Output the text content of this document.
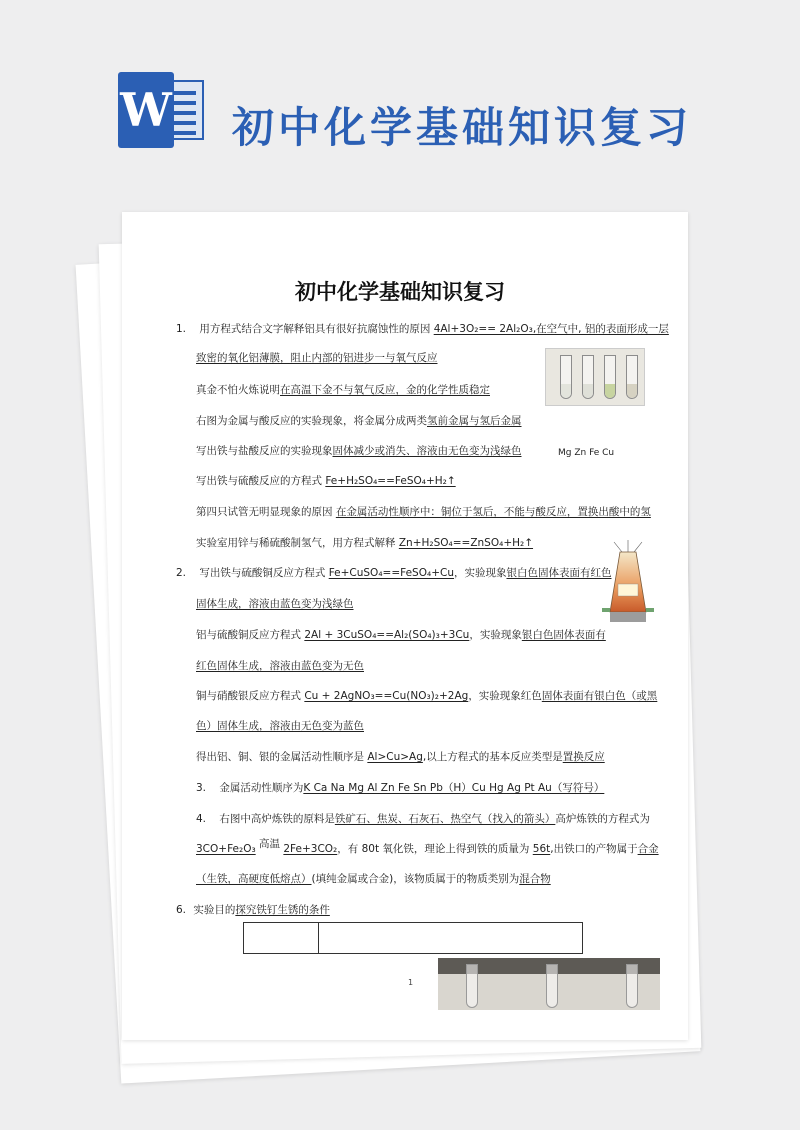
W 初中化学基础知识复习
初中化学基础知识复习
1. 用方程式结合文字解释铝具有很好抗腐蚀性的原因 4Al+3O₂== 2Al₂O₃,在空气中, 铝的表面形成一层
致密的氧化铝薄膜，阻止内部的铝进步一与氧气反应
真金不怕火炼说明在高温下金不与氧气反应，金的化学性质稳定
右图为金属与酸反应的实验现象，将金属分成两类氢前金属与氢后金属
写出铁与盐酸反应的实验现象固体减少或消失、溶液由无色变为浅绿色	Mg Zn Fe Cu
写出铁与硫酸反应的方程式 Fe+H₂SO₄==FeSO₄+H₂↑
第四只试管无明显现象的原因 在金属活动性顺序中：铜位于氢后，不能与酸反应，置换出酸中的氢
实验室用锌与稀硫酸制氢气，用方程式解释 Zn+H₂SO₄==ZnSO₄+H₂↑
2. 写出铁与硫酸铜反应方程式 Fe+CuSO₄==FeSO₄+Cu，实验现象银白色固体表面有红色
固体生成，溶液由蓝色变为浅绿色
铝与硫酸铜反应方程式 2Al + 3CuSO₄==Al₂(SO₄)₃+3Cu，实验现象银白色固体表面有
红色固体生成，溶液由蓝色变为无色
铜与硝酸银反应方程式 Cu + 2AgNO₃==Cu(NO₃)₂+2Ag，实验现象红色固体表面有银白色（或黑
色）固体生成，溶液由无色变为蓝色
得出铝、铜、银的金属活动性顺序是 Al>Cu>Ag,以上方程式的基本反应类型是置换反应
3. 金属活动性顺序为K Ca Na Mg Al Zn Fe Sn Pb（H）Cu Hg Ag Pt Au（写符号）
4. 右图中高炉炼铁的原料是铁矿石、焦炭、石灰石、热空气（找入的箭头）高炉炼铁的方程式为
3CO+Fe₂O₃ 高温 2Fe+3CO₂，有 80t 氧化铁，理论上得到铁的质量为 56t,出铁口的产物属于合金
（生铁，高硬度低熔点）(填纯金属或合金)，该物质属于的物质类别为混合物
6. 实验目的探究铁钉生锈的条件
1
